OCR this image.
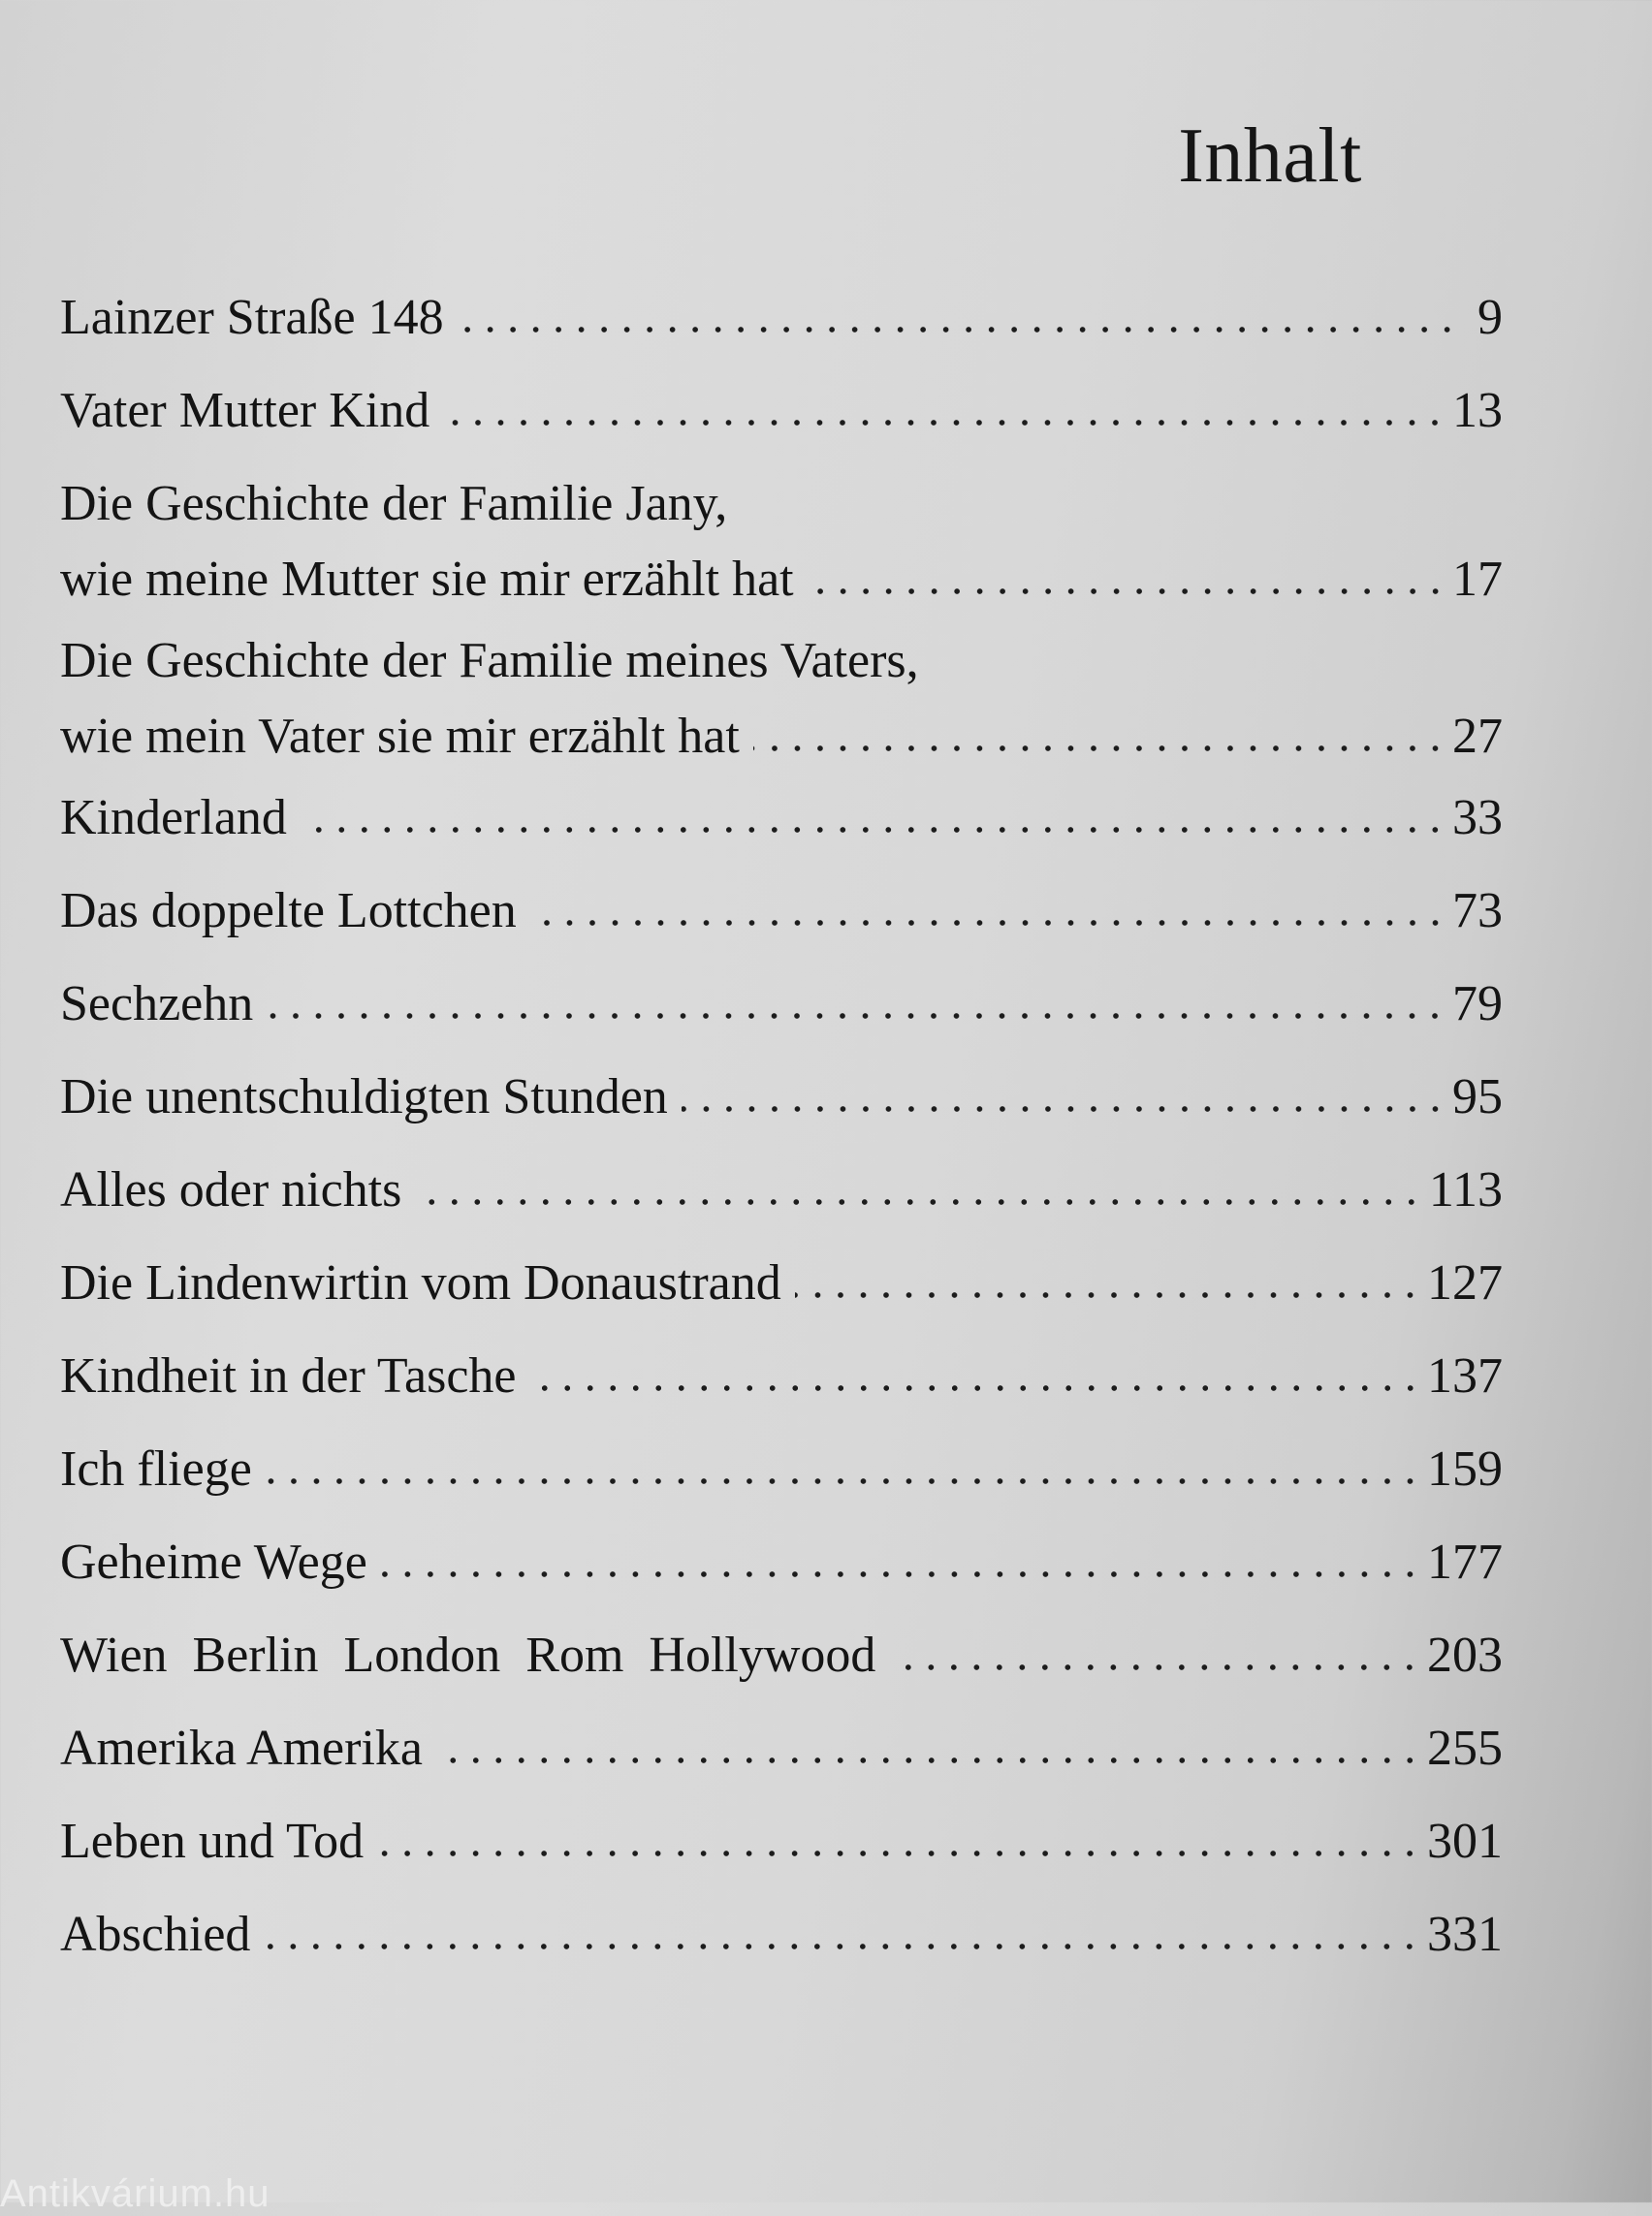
Inhalt
Lainzer Straße 148	9
Vater Mutter Kind	13
Die Geschichte der Familie Jany,
wie meine Mutter sie mir erzählt hat	17
Die Geschichte der Familie meines Vaters,
wie mein Vater sie mir erzählt hat	27
Kinderland	33
Das doppelte Lottchen	73
Sechzehn	79
Die unentschuldigten Stunden	95
Alles oder nichts	113
Die Lindenwirtin vom Donaustrand	127
Kindheit in der Tasche	137
Ich fliege	159
Geheime Wege	177
Wien  Berlin  London  Rom  Hollywood	203
Amerika Amerika	255
Leben und Tod	301
Abschied	331
Antikvárium.hu
